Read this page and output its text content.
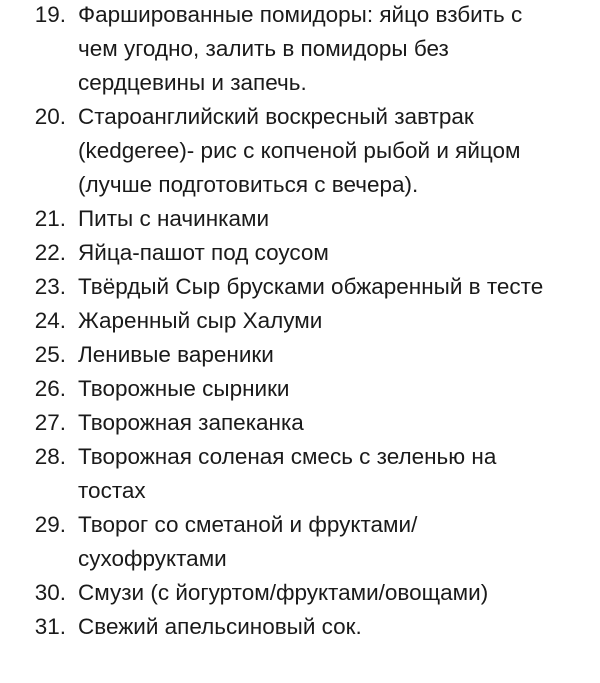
19. Фаршированные помидоры: яйцо взбить с чем угодно, залить в помидоры без сердцевины и запечь.
20. Староанглийский воскресный завтрак (kedgeree)- рис с копченой рыбой и яйцом (лучше подготовиться с вечера).
21. Питы с начинками
22. Яйца-пашот под соусом
23. Твёрдый Сыр брусками обжаренный в тесте
24. Жаренный сыр Халуми
25. Ленивые вареники
26. Творожные сырники
27. Творожная запеканка
28. Творожная соленая смесь с зеленью на тостах
29. Творог со сметаной и фруктами/ сухофруктами
30. Смузи (с йогуртом/фруктами/овощами)
31. Свежий апельсиновый сок.
